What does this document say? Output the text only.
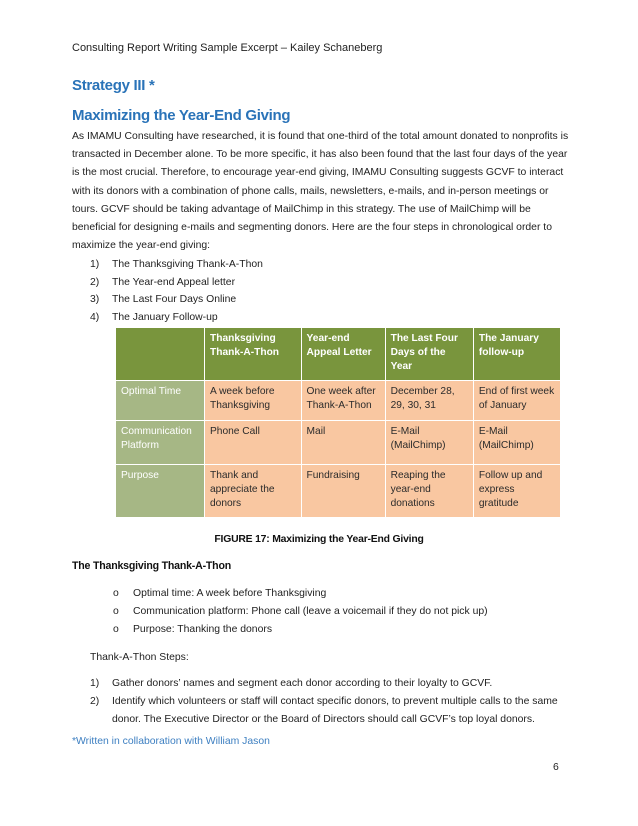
Consulting Report Writing Sample Excerpt – Kailey Schaneberg
Strategy III *
Maximizing the Year-End Giving
As IMAMU Consulting have researched, it is found that one-third of the total amount donated to nonprofits is transacted in December alone. To be more specific, it has also been found that the last four days of the year is the most crucial. Therefore, to encourage year-end giving, IMAMU Consulting suggests GCVF to interact with its donors with a combination of phone calls, mails, newsletters, e-mails, and in-person meetings or tours. GCVF should be taking advantage of MailChimp in this strategy. The use of MailChimp will be beneficial for designing e-mails and segmenting donors. Here are the four steps in chronological order to maximize the year-end giving:
1) The Thanksgiving Thank-A-Thon
2) The Year-end Appeal letter
3) The Last Four Days Online
4) The January Follow-up
	Thanksgiving Thank-A-Thon	Year-end Appeal Letter	The Last Four Days of the Year	The January follow-up
Optimal Time	A week before Thanksgiving	One week after Thank-A-Thon	December 28, 29, 30, 31	End of first week of January
Communication Platform	Phone Call	Mail	E-Mail (MailChimp)	E-Mail (MailChimp)
Purpose	Thank and appreciate the donors	Fundraising	Reaping the year-end donations	Follow up and express gratitude
FIGURE 17: Maximizing the Year-End Giving
The Thanksgiving Thank-A-Thon
o Optimal time: A week before Thanksgiving
o Communication platform: Phone call (leave a voicemail if they do not pick up)
o Purpose: Thanking the donors
Thank-A-Thon Steps:
1)	Gather donors’ names and segment each donor according to their loyalty to GCVF.
2)	Identify which volunteers or staff will contact specific donors, to prevent multiple calls to the same donor. The Executive Director or the Board of Directors should call GCVF’s top loyal donors.
*Written in collaboration with William Jason
6
